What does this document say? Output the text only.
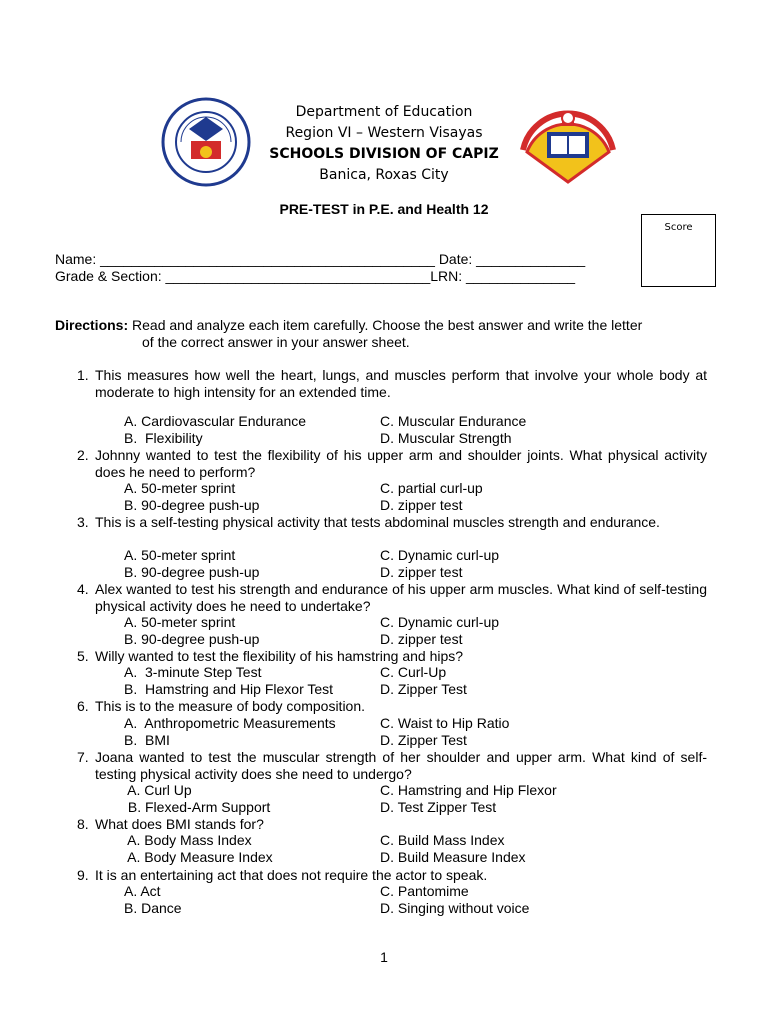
Department of Education
Region VI – Western Visayas
SCHOOLS DIVISION OF CAPIZ
Banica, Roxas City
PRE-TEST in P.E. and Health 12
Score
Name: ___________________________________________ Date: ______________
Grade & Section: __________________________________LRN: ______________
Directions: Read and analyze each item carefully. Choose the best answer and write the letter
of the correct answer in your answer sheet.
1. This measures how well the heart, lungs, and muscles perform that involve your whole body at moderate to high intensity for an extended time.
A. Cardiovascular Endurance
B.  Flexibility
C. Muscular Endurance
D. Muscular Strength
2. Johnny wanted to test the flexibility of his upper arm and shoulder joints. What physical activity does he need to perform?
A. 50-meter sprint
B. 90-degree push-up
C. partial curl-up
D. zipper test
3. This is a self-testing physical activity that tests abdominal muscles strength and endurance.
A. 50-meter sprint
B. 90-degree push-up
C. Dynamic curl-up
D. zipper test
4. Alex wanted to test his strength and endurance of his upper arm muscles. What kind of self-testing physical activity does he need to undertake?
A. 50-meter sprint
B. 90-degree push-up
C. Dynamic curl-up
D. zipper test
5. Willy wanted to test the flexibility of his hamstring and hips?
A.  3-minute Step Test
B.  Hamstring and Hip Flexor Test
C. Curl-Up
D. Zipper Test
6. This is to the measure of body composition.
A.  Anthropometric Measurements
B.  BMI
C. Waist to Hip Ratio
D. Zipper Test
7. Joana wanted to test the muscular strength of her shoulder and upper arm. What kind of self-testing physical activity does she need to undergo?
A. Curl Up
B. Flexed-Arm Support
C. Hamstring and Hip Flexor
D. Test Zipper Test
8. What does BMI stands for?
A. Body Mass Index
A. Body Measure Index
C. Build Mass Index
D. Build Measure Index
9. It is an entertaining act that does not require the actor to speak.
A. Act
B. Dance
C. Pantomime
D. Singing without voice
1
